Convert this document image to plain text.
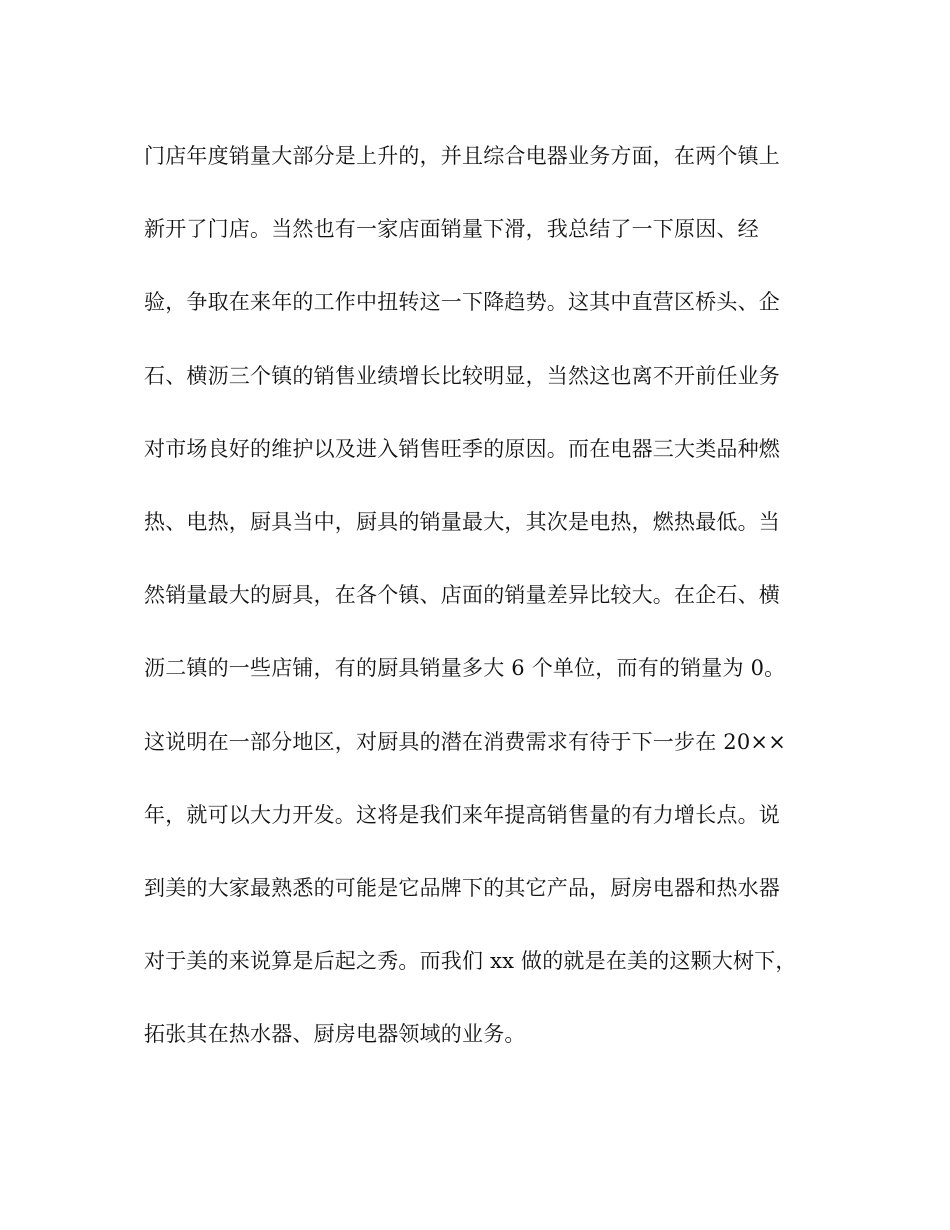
门店年度销量大部分是上升的，并且综合电器业务方面，在两个镇上
新开了门店。当然也有一家店面销量下滑，我总结了一下原因、经
验，争取在来年的工作中扭转这一下降趋势。这其中直营区桥头、企
石、横沥三个镇的销售业绩增长比较明显，当然这也离不开前任业务
对市场良好的维护以及进入销售旺季的原因。而在电器三大类品种燃
热、电热，厨具当中，厨具的销量最大，其次是电热，燃热最低。当
然销量最大的厨具，在各个镇、店面的销量差异比较大。在企石、横
沥二镇的一些店铺，有的厨具销量多大 6 个单位，而有的销量为 0。
这说明在一部分地区，对厨具的潜在消费需求有待于下一步在 20××
年，就可以大力开发。这将是我们来年提高销售量的有力增长点。说
到美的大家最熟悉的可能是它品牌下的其它产品，厨房电器和热水器
对于美的来说算是后起之秀。而我们 xx 做的就是在美的这颗大树下，
拓张其在热水器、厨房电器领域的业务。
